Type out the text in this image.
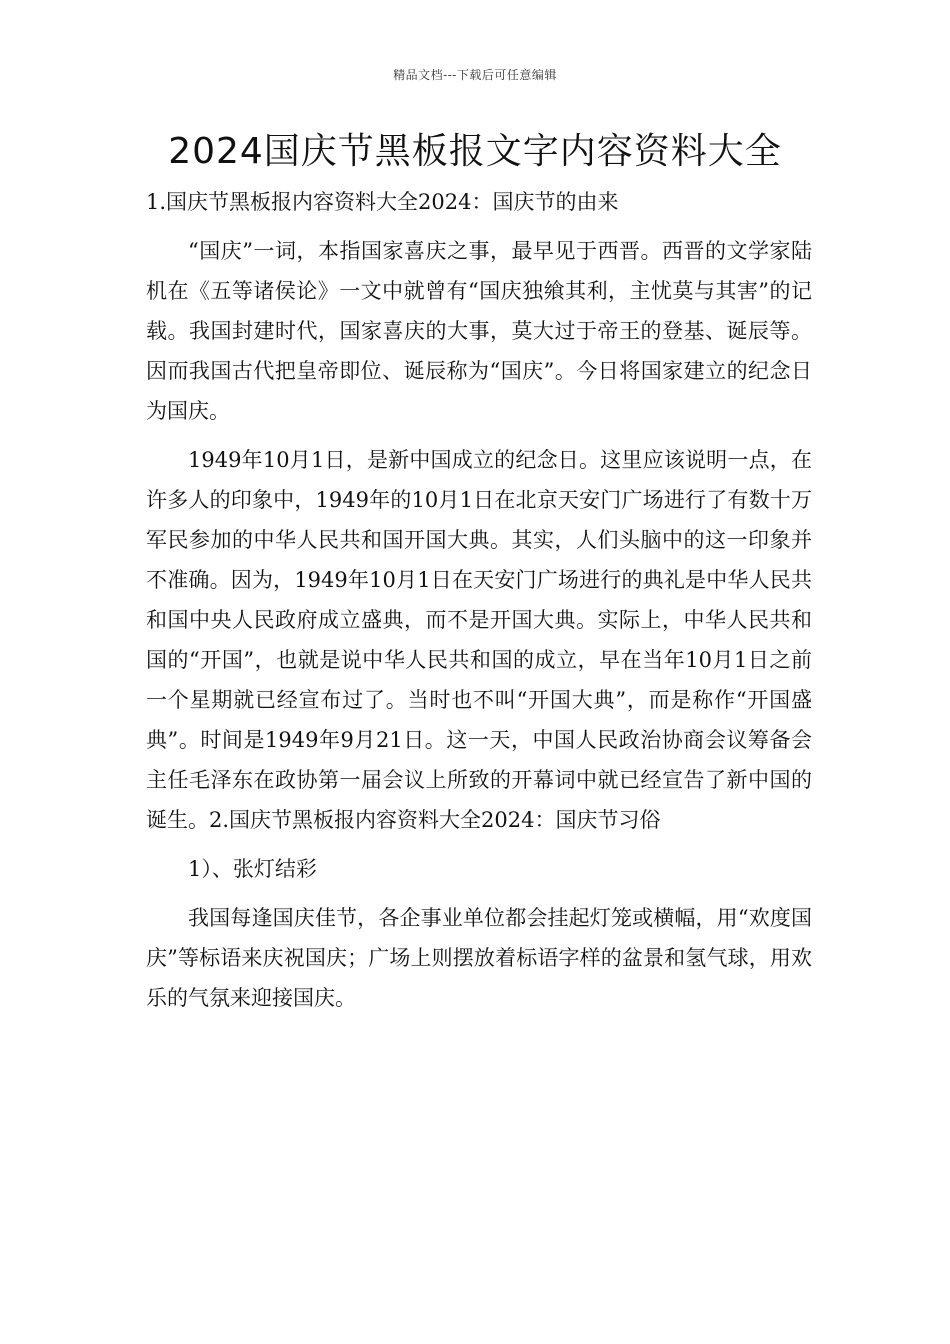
精品文档---下载后可任意编辑
2024国庆节黑板报文字内容资料大全

1.国庆节黑板报内容资料大全2024：国庆节的由来

“国庆”一词，本指国家喜庆之事，最早见于西晋。西晋的文学家陆机在《五等诸侯论》一文中就曾有“国庆独飨其利，主忧莫与其害”的记载。我国封建时代，国家喜庆的大事，莫大过于帝王的登基、诞辰等。因而我国古代把皇帝即位、诞辰称为“国庆”。今日将国家建立的纪念日为国庆。

1949年10月1日，是新中国成立的纪念日。这里应该说明一点，在许多人的印象中，1949年的10月1日在北京天安门广场进行了有数十万军民参加的中华人民共和国开国大典。其实，人们头脑中的这一印象并不准确。因为，1949年10月1日在天安门广场进行的典礼是中华人民共和国中央人民政府成立盛典，而不是开国大典。实际上，中华人民共和国的“开国”，也就是说中华人民共和国的成立，早在当年10月1日之前一个星期就已经宣布过了。当时也不叫“开国大典”，而是称作“开国盛典”。时间是1949年9月21日。这一天，中国人民政治协商会议筹备会主任毛泽东在政协第一届会议上所致的开幕词中就已经宣告了新中国的诞生。2.国庆节黑板报内容资料大全2024：国庆节习俗

1）、张灯结彩

我国每逢国庆佳节，各企事业单位都会挂起灯笼或横幅，用“欢度国庆”等标语来庆祝国庆；广场上则摆放着标语字样的盆景和氢气球，用欢乐的气氛来迎接国庆。
